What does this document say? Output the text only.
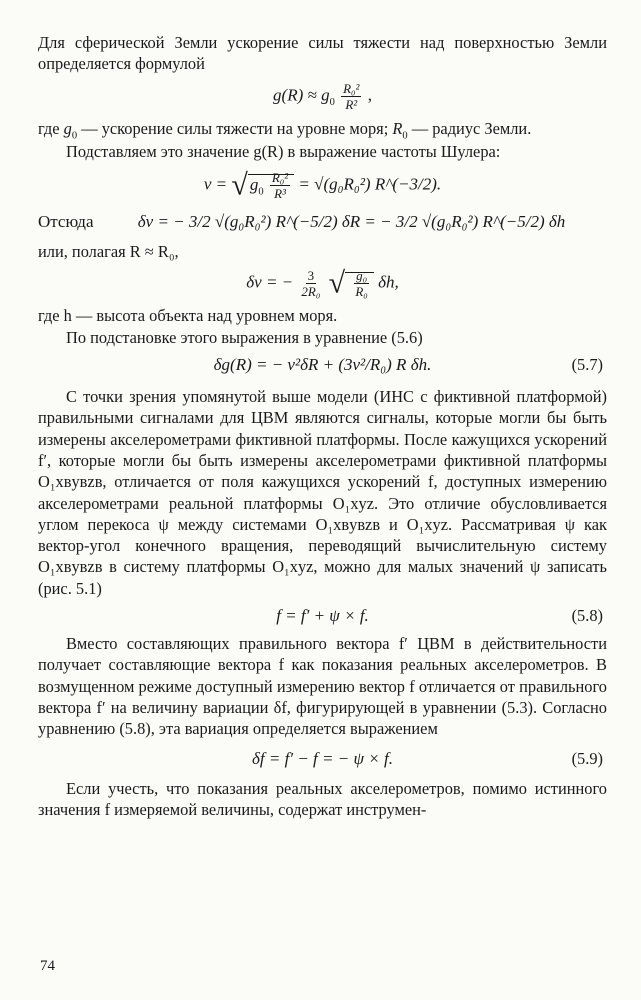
Для сферической Земли ускорение силы тяжести над поверхностью Земли определяется формулой

$g(R) \approx g_0 \frac{\text{R₀²}}{\text{R²}}$ ,

где $g_0$ — ускорение силы тяжести на уровне моря; $R_0$ — радиус Земли.

Подставляем это значение g(R) в выражение частоты Шулера:

ν = √ $g_0 \frac{\text{R₀²}}{\text{R³}} = √(g_0R_0^2)$ R^(−3/2).
Отсюда	δν = − 3/2 √(g₀R₀²) R^(−5/2) δR = − 3/2 √(g₀R₀²) R^(−5/2) δh

или, полагая R ≈ R₀,

δν = − $\frac{3}{\text{2R₀}}$ √ $\frac{\text{g₀}}{\text{R₀}} \delta h$,

где h — высота объекта над уровнем моря.

По подстановке этого выражения в уравнение (5.6)

δg(R) = − ν²δR + (3ν²/R₀) R δh.	(5.7)

С точки зрения упомянутой выше модели (ИНС с фиктивной платформой) правильными сигналами для ЦВМ являются сигналы, которые могли бы быть измерены акселерометрами фиктивной платформы. После кажущихся ускорений f′, которые могли бы быть измерены акселерометрами фиктивной платформы O₁xвyвzв, отличается от поля кажущихся ускорений f, доступных измерению акселерометрами реальной платформы O₁xyz. Это отличие обусловливается углом перекоса ψ между системами O₁xвyвzв и O₁xyz. Рассматривая ψ как вектор-угол конечного вращения, переводящий вычислительную систему O₁xвyвzв в систему платформы O₁xyz, можно для малых значений ψ записать (рис. 5.1)

f = f′ + ψ × f.	(5.8)

Вместо составляющих правильного вектора f′ ЦВМ в действительности получает составляющие вектора f как показания реальных акселерометров. В возмущенном режиме доступный измерению вектор f отличается от правильного вектора f′ на величину вариации δf, фигурирующей в уравнении (5.3). Согласно уравнению (5.8), эта вариация определяется выражением

δf = f′ − f = − ψ × f.	(5.9)

Если учесть, что показания реальных акселерометров, помимо истинного значения f измеряемой величины, содержат инструмен-

74
